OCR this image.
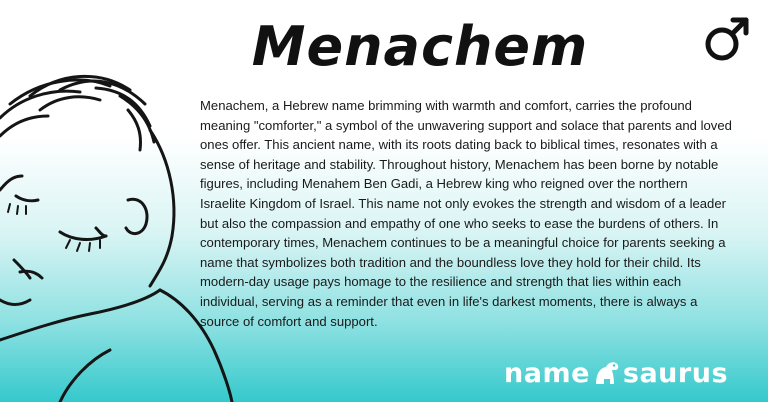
Menachem
Menachem, a Hebrew name brimming with warmth and comfort, carries the profound meaning "comforter," a symbol of the unwavering support and solace that parents and loved ones offer. This ancient name, with its roots dating back to biblical times, resonates with a sense of heritage and stability. Throughout history, Menachem has been borne by notable figures, including Menahem Ben Gadi, a Hebrew king who reigned over the northern Israelite Kingdom of Israel. This name not only evokes the strength and wisdom of a leader but also the compassion and empathy of one who seeks to ease the burdens of others. In contemporary times, Menachem continues to be a meaningful choice for parents seeking a name that symbolizes both tradition and the boundless love they hold for their child. Its modern-day usage pays homage to the resilience and strength that lies within each individual, serving as a reminder that even in life's darkest moments, there is always a source of comfort and support.
name saurus
